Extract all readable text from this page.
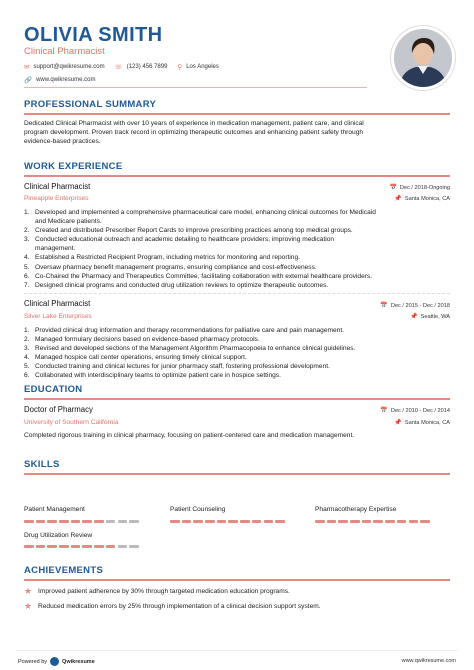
OLIVIA SMITH
Clinical Pharmacist
✉ support@qwikresume.com ☏ (123) 456 7899 ⚲ Los Angeles
🔗 www.qwikresume.com
PROFESSIONAL SUMMARY
Dedicated Clinical Pharmacist with over 10 years of experience in medication management, patient care, and clinical
program development. Proven track record in optimizing therapeutic outcomes and enhancing patient safety through
evidence-based practices.
WORK EXPERIENCE
Clinical Pharmacist
Pineapple Enterprises
📅 Dec / 2018-Ongoing
📌 Santa Monica, CA
1. Developed and implemented a comprehensive pharmaceutical care model, enhancing clinical outcomes for Medicaid
and Medicare patients.
2. Created and distributed Prescriber Report Cards to improve prescribing practices among top medical groups.
3. Conducted educational outreach and academic detailing to healthcare providers, improving medication
management.
4. Established a Restricted Recipient Program, including metrics for monitoring and reporting.
5. Oversaw pharmacy benefit management programs, ensuring compliance and cost-effectiveness.
6. Co-Chaired the Pharmacy and Therapeutics Committee, facilitating collaboration with external healthcare providers.
7. Designed clinical programs and conducted drug utilization reviews to optimize therapeutic outcomes.
Clinical Pharmacist
Silver Lake Enterprises
📅 Dec / 2015 - Dec / 2018
📌 Seattle, WA
1. Provided clinical drug information and therapy recommendations for palliative care and pain management.
2. Managed formulary decisions based on evidence-based pharmacy protocols.
3. Revised and developed sections of the Management Algorithm Pharmacopoeia to enhance clinical guidelines.
4. Managed hospice call center operations, ensuring timely clinical support.
5. Conducted training and clinical lectures for junior pharmacy staff, fostering professional development.
6. Collaborated with interdisciplinary teams to optimize patient care in hospice settings.
EDUCATION
Doctor of Pharmacy
University of Southern California
📅 Dec / 2010 - Dec / 2014
📌 Santa Monica, CA
Completed rigorous training in clinical pharmacy, focusing on patient-centered care and medication management.
SKILLS
Patient Management	Patient Counseling	Pharmacotherapy Expertise
Drug Utilization Review
ACHIEVEMENTS
★ Improved patient adherence by 30% through targeted medication education programs.
★ Reduced medication errors by 25% through implementation of a clinical decision support system.
Powered by	Qwikresume	www.qwikresume.com
